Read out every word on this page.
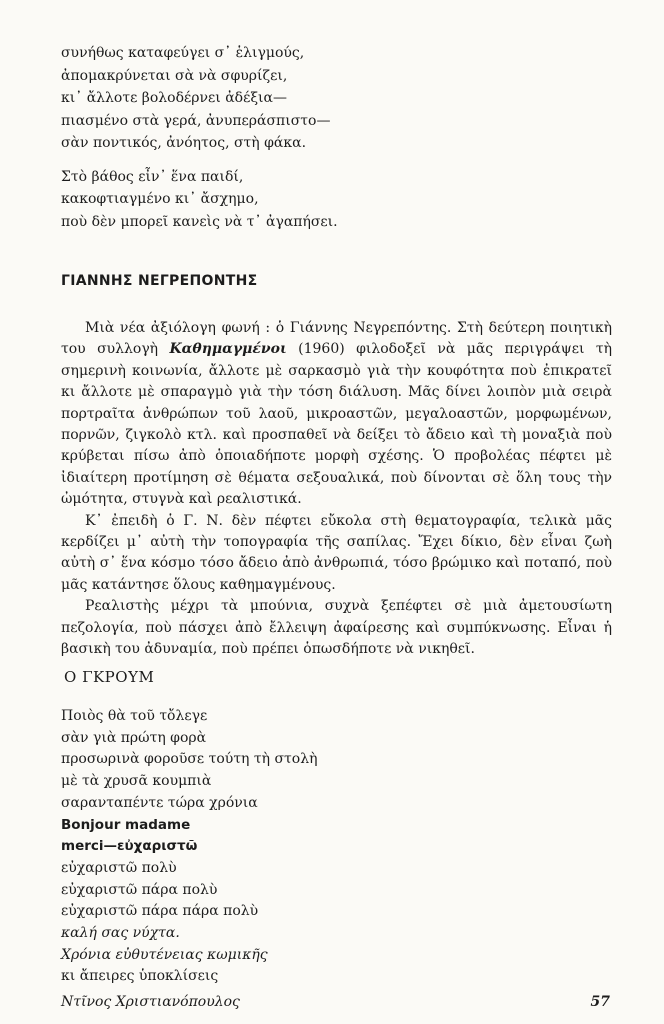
συνήθως καταφεύγει σ᾽ ἑλιγμούς,
ἀπομακρύνεται σὰ νὰ σφυρίζει,
κι᾽ ἄλλοτε βολοδέρνει ἀδέξια—
πιασμένο στὰ γερά, ἀνυπεράσπιστο—
σὰν ποντικός, ἀνόητος, στὴ φάκα.
Στὸ βάθος εἶν᾽ ἕνα παιδί,
κακοφτιαγμένο κι᾽ ἄσχημο,
ποὺ δὲν μπορεῖ κανεὶς νὰ τ᾽ ἀγαπήσει.
ΓΙΑΝΝΗΣ ΝΕΓΡΕΠΟΝΤΗΣ

Μιὰ νέα ἀξιόλογη φωνή : ὁ Γιάννης Νεγρεπόντης. Στὴ δεύτερη ποιητικὴ του συλλογὴ Καθημαγμένοι (1960) φιλοδοξεῖ νὰ μᾶς περιγράψει τὴ σημερινὴ κοινωνία, ἄλλοτε μὲ σαρκασμὸ γιὰ τὴν κουφότητα ποὺ ἐπικρατεῖ κι ἄλλοτε μὲ σπαραγμὸ γιὰ τὴν τόση διάλυση. Μᾶς δίνει λοιπὸν μιὰ σειρὰ πορτραῖτα ἀνθρώπων τοῦ λαοῦ, μικροαστῶν, μεγαλοαστῶν, μορφωμένων, πορνῶν, ζιγκολὸ κτλ. καὶ προσπαθεῖ νὰ δείξει τὸ ἄδειο καὶ τὴ μοναξιὰ ποὺ κρύβεται πίσω ἀπὸ ὁποιαδήποτε μορφὴ σχέσης. Ὁ προβολέας πέφτει μὲ ἰδιαίτερη προτίμηση σὲ θέματα σεξουαλικά, ποὺ δίνονται σὲ ὅλη τους τὴν ὠμότητα, στυγνὰ καὶ ρεαλιστικά.

Κ᾽ ἐπειδὴ ὁ Γ. Ν. δὲν πέφτει εὔκολα στὴ θεματογραφία, τελικὰ μᾶς κερδίζει μ᾽ αὐτὴ τὴν τοπογραφία τῆς σαπίλας. Ἔχει δίκιο, δὲν εἶναι ζωὴ αὐτὴ σ᾽ ἕνα κόσμο τόσο ἄδειο ἀπὸ ἀνθρωπιά, τόσο βρώμικο καὶ ποταπό, ποὺ μᾶς κατάντησε ὅλους καθημαγμένους.

Ρεαλιστὴς μέχρι τὰ μπούνια, συχνὰ ξεπέφτει σὲ μιὰ ἀμετουσίωτη πεζολογία, ποὺ πάσχει ἀπὸ ἔλλειψη ἀφαίρεσης καὶ συμπύκνωσης. Εἶναι ἡ βασικὴ του ἀδυναμία, ποὺ πρέπει ὁπωσδήποτε νὰ νικηθεῖ.

Ο ΓΚΡΟΥΜ
Ποιὸς θὰ τοῦ τὄλεγε
σὰν γιὰ πρώτη φορὰ
προσωρινὰ φοροῦσε τούτη τὴ στολὴ
μὲ τὰ χρυσᾶ κουμπιὰ
σαρανταπέντε τώρα χρόνια
Bonjour madame
merci—εὐχαριστῶ
εὐχαριστῶ πολὺ
εὐχαριστῶ πάρα πολὺ
εὐχαριστῶ πάρα πάρα πολὺ
καλή σας νύχτα.
Χρόνια εὐθυτένειας κωμικῆς
κι ἄπειρες ὑποκλίσεις
Ντῖνος Χριστιανόπουλος	57
